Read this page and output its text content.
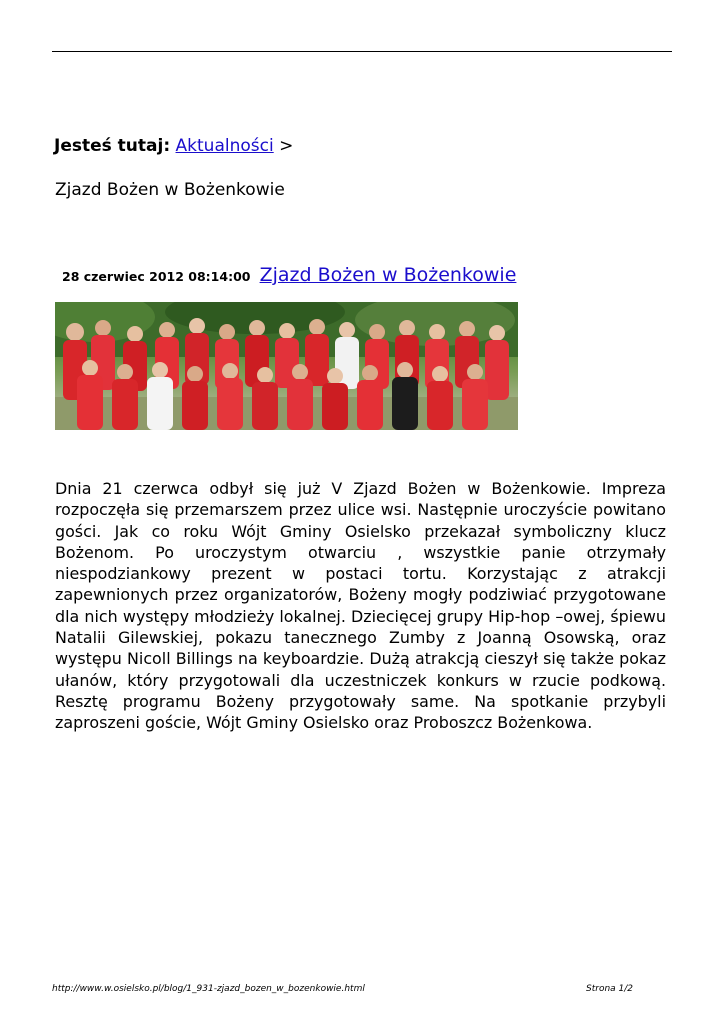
Jesteś tutaj: Aktualności >
Zjazd Bożen w Bożenkowie
28 czerwiec 2012 08:14:00 Zjazd Bożen w Bożenkowie
Dnia 21 czerwca odbył się już V Zjazd Bożen w Bożenkowie. Impreza rozpoczęła się przemarszem przez ulice wsi. Następnie uroczyście powitano gości. Jak co roku Wójt Gminy Osielsko przekazał symboliczny klucz Bożenom. Po uroczystym otwarciu , wszystkie panie otrzymały niespodziankowy prezent w postaci tortu. Korzystając z atrakcji zapewnionych przez organizatorów, Bożeny mogły podziwiać przygotowane dla nich występy młodzieży lokalnej. Dziecięcej grupy Hip-hop –owej, śpiewu Natalii Gilewskiej, pokazu tanecznego Zumby z Joanną Osowską, oraz występu Nicoll Billings na keyboardzie. Dużą atrakcją cieszył się także pokaz ułanów, który przygotowali dla uczestniczek konkurs w rzucie podkową. Resztę programu Bożeny przygotowały same. Na spotkanie przybyli zaproszeni goście, Wójt Gminy Osielsko oraz Proboszcz Bożenkowa.
http://www.w.osielsko.pl/blog/1_931-zjazd_bozen_w_bozenkowie.html	Strona 1/2
